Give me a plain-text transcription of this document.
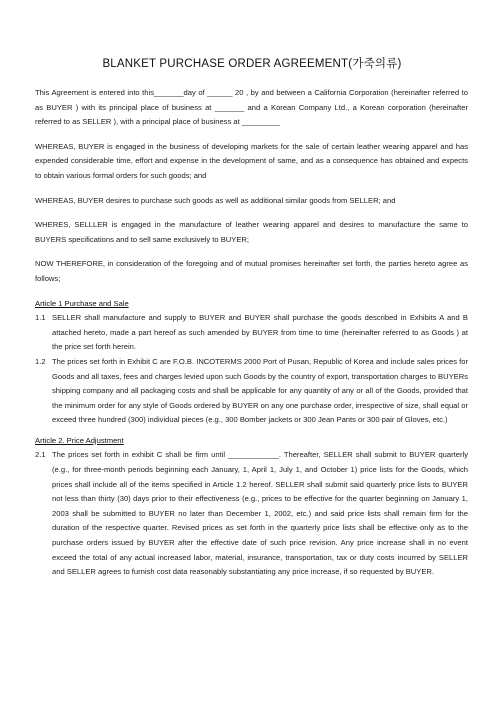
BLANKET PURCHASE ORDER AGREEMENT(가죽의류)

This Agreement is entered into this_______day of ______ 20 , by and between a California Corporation (hereinafter referred to as BUYER ) with its principal place of business at _______ and a Korean Company Ltd., a Korean corporation (hereinafter referred to as SELLER ), with a principal place of business at _________

WHEREAS, BUYER is engaged in the business of developing markets for the sale of certain leather wearing apparel and has expended considerable time, effort and expense in the development of same, and as a consequence has obtained and expects to obtain various formal orders for such goods; and

WHEREAS, BUYER desires to purchase such goods as well as additional similar goods from SELLER; and

WHERES, SELLLER is engaged in the manufacture of leather wearing apparel and desires to manufacture the same to BUYERS specifications and to sell same exclusively to BUYER;

NOW THEREFORE, in consideration of the foregoing and of mutual promises hereinafter set forth, the parties hereto agree as follows;

Article 1 Purchase and Sale

1.1 SELLER shall manufacture and supply to BUYER and BUYER shall purchase the goods described in Exhibits A and B attached hereto, made a part hereof as such amended by BUYER from time to time (hereinafter referred to as Goods ) at the price set forth herein.
1.2 The prices set forth in Exhibit C are F.O.B. INCOTERMS 2000 Port of Pusan, Republic of Korea and include sales prices for Goods and all taxes, fees and charges levied upon such Goods by the country of export, transportation charges to BUYERs shipping company and all packaging costs and shall be applicable for any quantity of any or all of the Goods, provided that the minimum order for any style of Goods ordered by BUYER on any one purchase order, irrespective of size, shall equal or exceed three hundred (300) individual pieces (e.g., 300 Bomber jackets or 300 Jean Pants or 300 pair of Gloves, etc.)

Article 2. Price Adjustment

2.1 The prices set forth in exhibit C shall be firm until ____________. Thereafter, SELLER shall submit to BUYER quarterly (e.g., for three-month periods beginning each January, 1, April 1, July 1, and October 1) price lists for the Goods, which prices shall include all of the items specified in Article 1.2 hereof. SELLER shall submit said quarterly price lists to BUYER not less than thirty (30) days prior to their effectiveness (e.g., prices to be effective for the quarter beginning on January 1, 2003 shall be submitted to BUYER no later than December 1, 2002, etc.) and said price lists shall remain firm for the duration of the respective quarter. Revised prices as set forth in the quarterly price lists shall be effective only as to the purchase orders issued by BUYER after the effective date of such price revision. Any price increase shall in no event exceed the total of any actual increased labor, material, insurance, transportation, tax or duty costs incurred by SELLER and SELLER agrees to furnish cost data reasonably substantiating any price increase, if so requested by BUYER.
